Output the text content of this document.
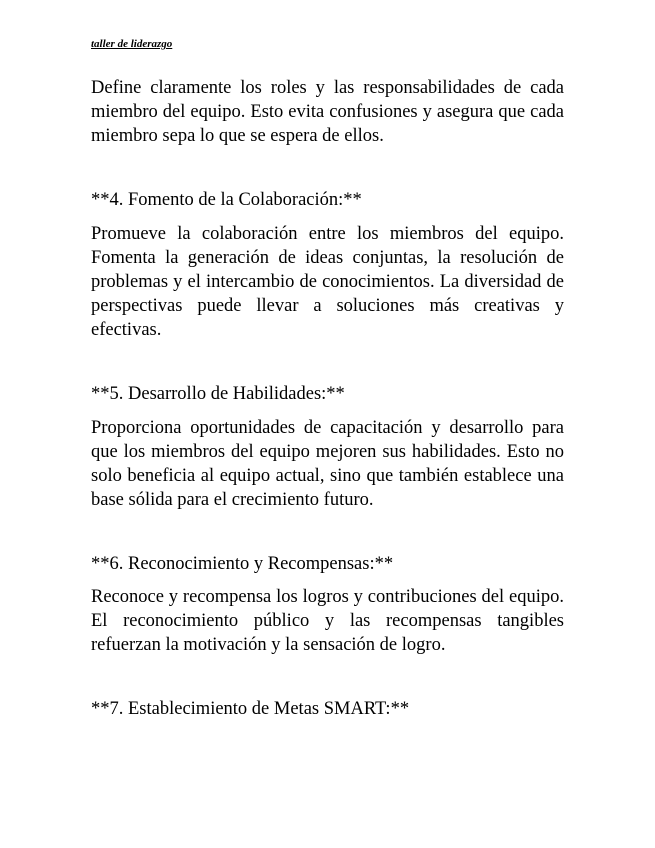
taller de liderazgo

Define claramente los roles y las responsabilidades de cada miembro del equipo. Esto evita confusiones y asegura que cada miembro sepa lo que se espera de ellos.

**4. Fomento de la Colaboración:**

Promueve la colaboración entre los miembros del equipo. Fomenta la generación de ideas conjuntas, la resolución de problemas y el intercambio de conocimientos. La diversidad de perspectivas puede llevar a soluciones más creativas y efectivas.

**5. Desarrollo de Habilidades:**

Proporciona oportunidades de capacitación y desarrollo para que los miembros del equipo mejoren sus habilidades. Esto no solo beneficia al equipo actual, sino que también establece una base sólida para el crecimiento futuro.

**6. Reconocimiento y Recompensas:**

Reconoce y recompensa los logros y contribuciones del equipo. El reconocimiento público y las recompensas tangibles refuerzan la motivación y la sensación de logro.

**7. Establecimiento de Metas SMART:**
